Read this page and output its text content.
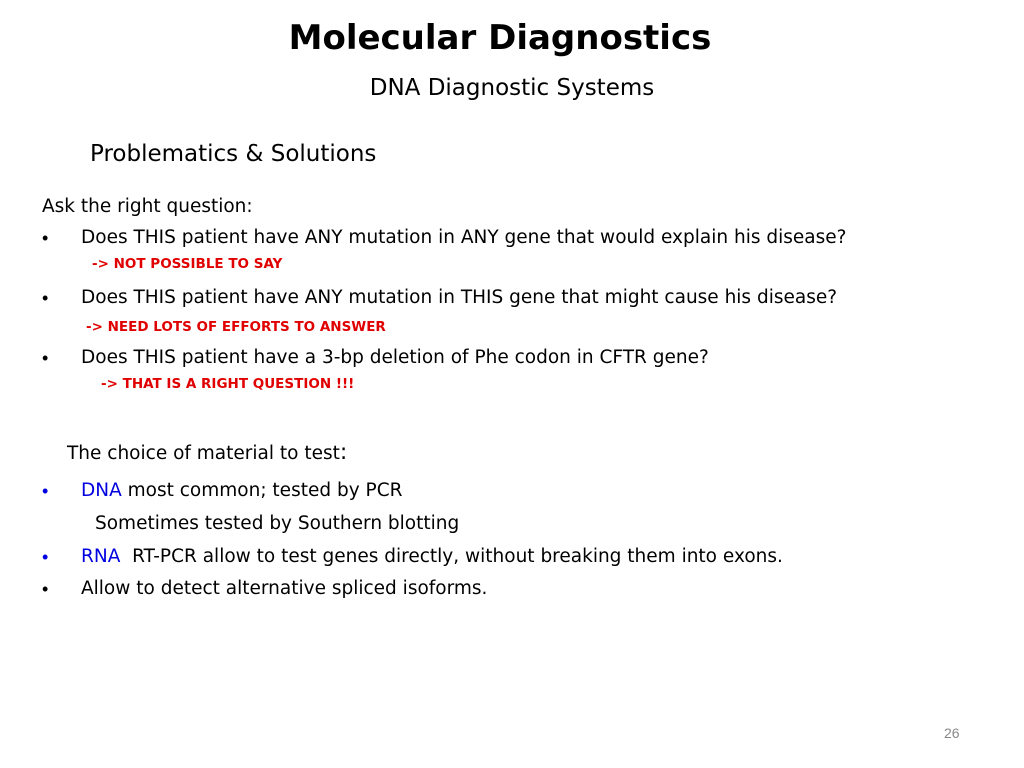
Molecular Diagnostics
DNA Diagnostic Systems
Problematics & Solutions
Ask the right question:
• Does THIS patient have ANY mutation in ANY gene that would explain his disease?
-> NOT POSSIBLE TO SAY
• Does THIS patient have ANY mutation in THIS gene that might cause his disease?
-> NEED LOTS OF EFFORTS TO ANSWER
• Does THIS patient have a 3-bp deletion of Phe codon in CFTR gene?
-> THAT IS A RIGHT QUESTION !!!
The choice of material to test:
• DNA most common; tested by PCR
Sometimes tested by Southern blotting
• RNA  RT-PCR allow to test genes directly, without breaking them into exons.
• Allow to detect alternative spliced isoforms.
26
